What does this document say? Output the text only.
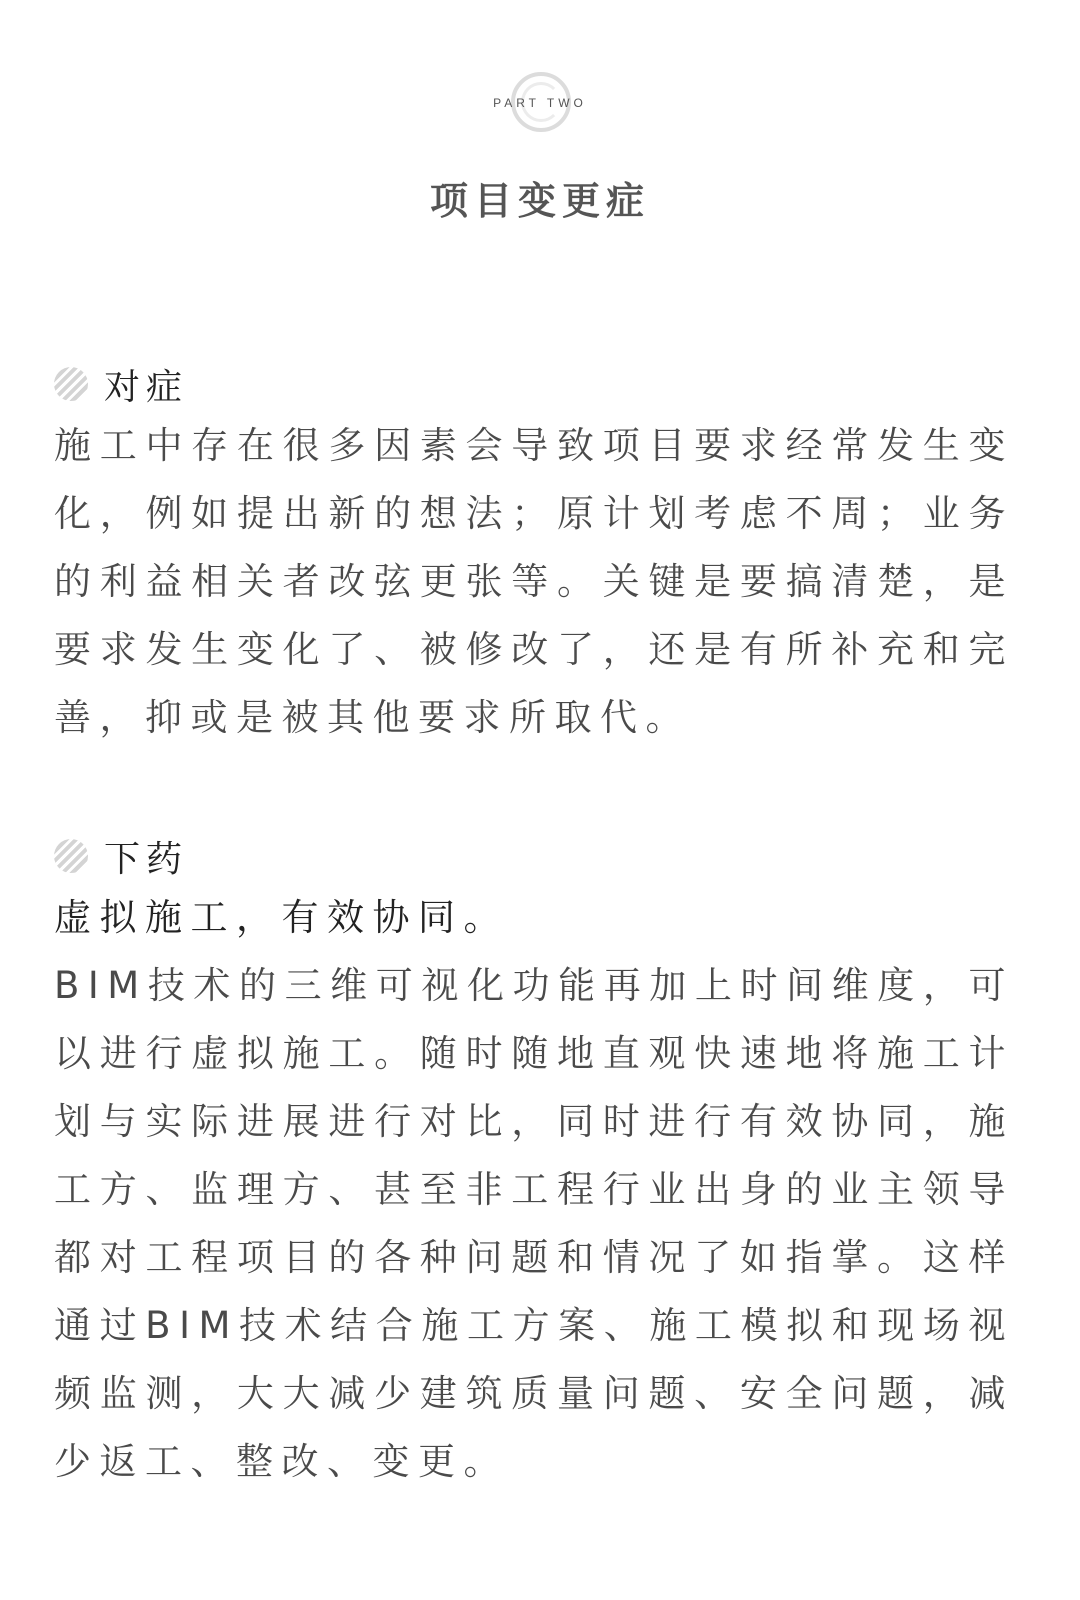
PART TWO
项目变更症
对症

施工中存在很多因素会导致项目要求经常发生变化，例如提出新的想法；原计划考虑不周；业务的利益相关者改弦更张等。关键是要搞清楚，是要求发生变化了、被修改了，还是有所补充和完善，抑或是被其他要求所取代。

下药

虚拟施工，有效协同。

BIM技术的三维可视化功能再加上时间维度，可以进行虚拟施工。随时随地直观快速地将施工计划与实际进展进行对比，同时进行有效协同，施工方、监理方、甚至非工程行业出身的业主领导都对工程项目的各种问题和情况了如指掌。这样通过BIM技术结合施工方案、施工模拟和现场视频监测，大大减少建筑质量问题、安全问题，减少返工、整改、变更。
